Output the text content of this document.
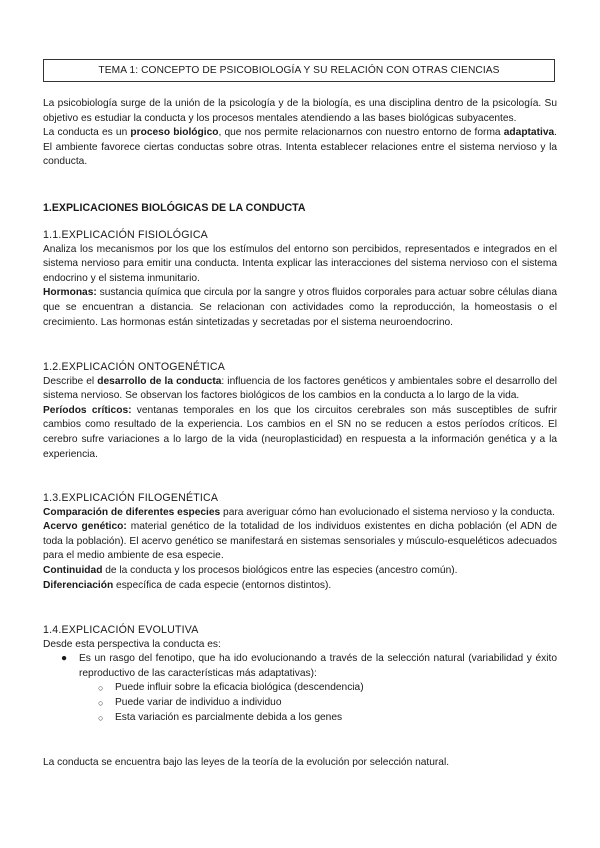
TEMA 1: CONCEPTO DE PSICOBIOLOGÍA Y SU RELACIÓN CON OTRAS CIENCIAS

La psicobiología surge de la unión de la psicología y de la biología, es una disciplina dentro de la psicología. Su objetivo es estudiar la conducta y los procesos mentales atendiendo a las bases biológicas subyacentes.

La conducta es un proceso biológico, que nos permite relacionarnos con nuestro entorno de forma adaptativa. El ambiente favorece ciertas conductas sobre otras. Intenta establecer relaciones entre el sistema nervioso y la conducta.

1.EXPLICACIONES BIOLÓGICAS DE LA CONDUCTA

1.1.EXPLICACIÓN FISIOLÓGICA

Analiza los mecanismos por los que los estímulos del entorno son percibidos, representados e integrados en el sistema nervioso para emitir una conducta. Intenta explicar las interacciones del sistema nervioso con el sistema endocrino y el sistema inmunitario.

Hormonas: sustancia química que circula por la sangre y otros fluidos corporales para actuar sobre células diana que se encuentran a distancia. Se relacionan con actividades como la reproducción, la homeostasis o el crecimiento. Las hormonas están sintetizadas y secretadas por el sistema neuroendocrino.

1.2.EXPLICACIÓN ONTOGENÉTICA

Describe el desarrollo de la conducta: influencia de los factores genéticos y ambientales sobre el desarrollo del sistema nervioso. Se observan los factores biológicos de los cambios en la conducta a lo largo de la vida.

Períodos críticos: ventanas temporales en los que los circuitos cerebrales son más susceptibles de sufrir cambios como resultado de la experiencia. Los cambios en el SN no se reducen a estos períodos críticos. El cerebro sufre variaciones a lo largo de la vida (neuroplasticidad) en respuesta a la información genética y a la experiencia.

1.3.EXPLICACIÓN FILOGENÉTICA

Comparación de diferentes especies para averiguar cómo han evolucionado el sistema nervioso y la conducta.

Acervo genético: material genético de la totalidad de los individuos existentes en dicha población (el ADN de toda la población). El acervo genético se manifestará en sistemas sensoriales y músculo-esqueléticos adecuados para el medio ambiente de esa especie.

Continuidad de la conducta y los procesos biológicos entre las especies (ancestro común).

Diferenciación específica de cada especie (entornos distintos).

1.4.EXPLICACIÓN EVOLUTIVA

Desde esta perspectiva la conducta es:

● Es un rasgo del fenotipo, que ha ido evolucionando a través de la selección natural (variabilidad y éxito reproductivo de las características más adaptativas):
○ Puede influir sobre la eficacia biológica (descendencia)
○ Puede variar de individuo a individuo
○ Esta variación es parcialmente debida a los genes
La conducta se encuentra bajo las leyes de la teoría de la evolución por selección natural.
